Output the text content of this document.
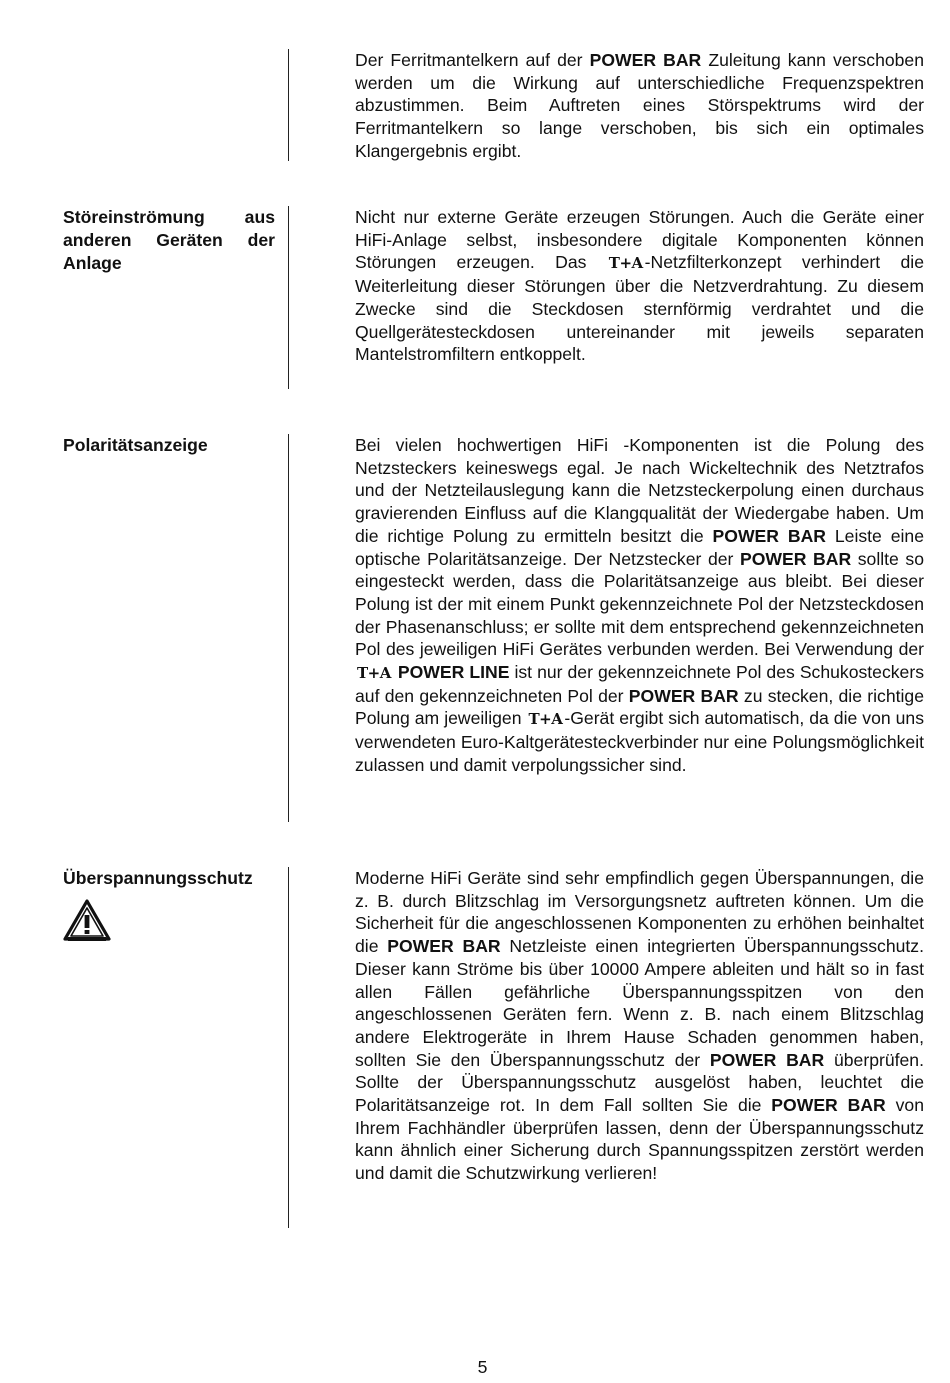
Der Ferritmantelkern auf der POWER BAR Zuleitung kann verschoben werden um die Wirkung auf unterschiedliche Frequenzspektren abzustimmen. Beim Auftreten eines Störspektrums wird der Ferritmantelkern so lange verschoben, bis sich ein optimales Klangergebnis ergibt.

Störeinströmung aus anderen Geräten der Anlage

Nicht nur externe Geräte erzeugen Störungen. Auch die Geräte einer HiFi-Anlage selbst, insbesondere digitale Komponenten können Störungen erzeugen. Das T+A -Netzfilterkonzept verhindert die Weiterleitung dieser Störungen über die Netzverdrahtung. Zu diesem Zwecke sind die Steckdosen sternförmig verdrahtet und die Quellgerätesteckdosen untereinander mit jeweils separaten Mantelstromfiltern entkoppelt.

Polaritätsanzeige	Bei vielen hochwertigen HiFi -Komponenten ist die Polung des Netzsteckers keineswegs egal. Je nach Wickeltechnik des Netztrafos und der Netzteilauslegung kann die Netzsteckerpolung einen durchaus gravierenden Einfluss auf die Klangqualität der Wiedergabe haben. Um die richtige Polung zu ermitteln besitzt die POWER BAR Leiste eine optische Polaritätsanzeige. Der Netzstecker der POWER BAR sollte so eingesteckt werden, dass die Polaritätsanzeige aus bleibt. Bei dieser Polung ist der mit einem Punkt gekennzeichnete Pol der Netzsteckdosen der Phasenanschluss; er sollte mit dem entsprechend gekennzeichneten Pol des jeweiligen HiFi Gerätes verbunden werden. Bei Verwendung der T+A POWER LINE ist nur der gekennzeichnete Pol des Schukosteckers auf den gekennzeichneten Pol der POWER BAR zu stecken, die richtige Polung am jeweiligen T+A -Gerät ergibt sich automatisch, da die von uns verwendeten Euro-Kaltgerätesteckverbinder nur eine Polungsmöglichkeit zulassen und damit verpolungssicher sind.

Überspannungsschutz	Moderne HiFi Geräte sind sehr empfindlich gegen Überspannungen, die z. B. durch Blitzschlag im Versorgungsnetz auftreten können. Um die Sicherheit für die angeschlossenen Komponenten zu erhöhen beinhaltet die POWER BAR Netzleiste einen integrierten Überspannungsschutz. Dieser kann Ströme bis über 10000 Ampere ableiten und hält so in fast allen Fällen gefährliche Überspannungsspitzen von den angeschlossenen Geräten fern. Wenn z. B. nach einem Blitzschlag andere Elektrogeräte in Ihrem Hause Schaden genommen haben, sollten Sie den Überspannungsschutz der POWER BAR überprüfen. Sollte der Überspannungsschutz ausgelöst haben, leuchtet die Polaritätsanzeige rot. In dem Fall sollten Sie die POWER BAR von Ihrem Fachhändler überprüfen lassen, denn der Überspannungsschutz kann ähnlich einer Sicherung durch Spannungsspitzen zerstört werden und damit die Schutzwirkung verlieren!

5
